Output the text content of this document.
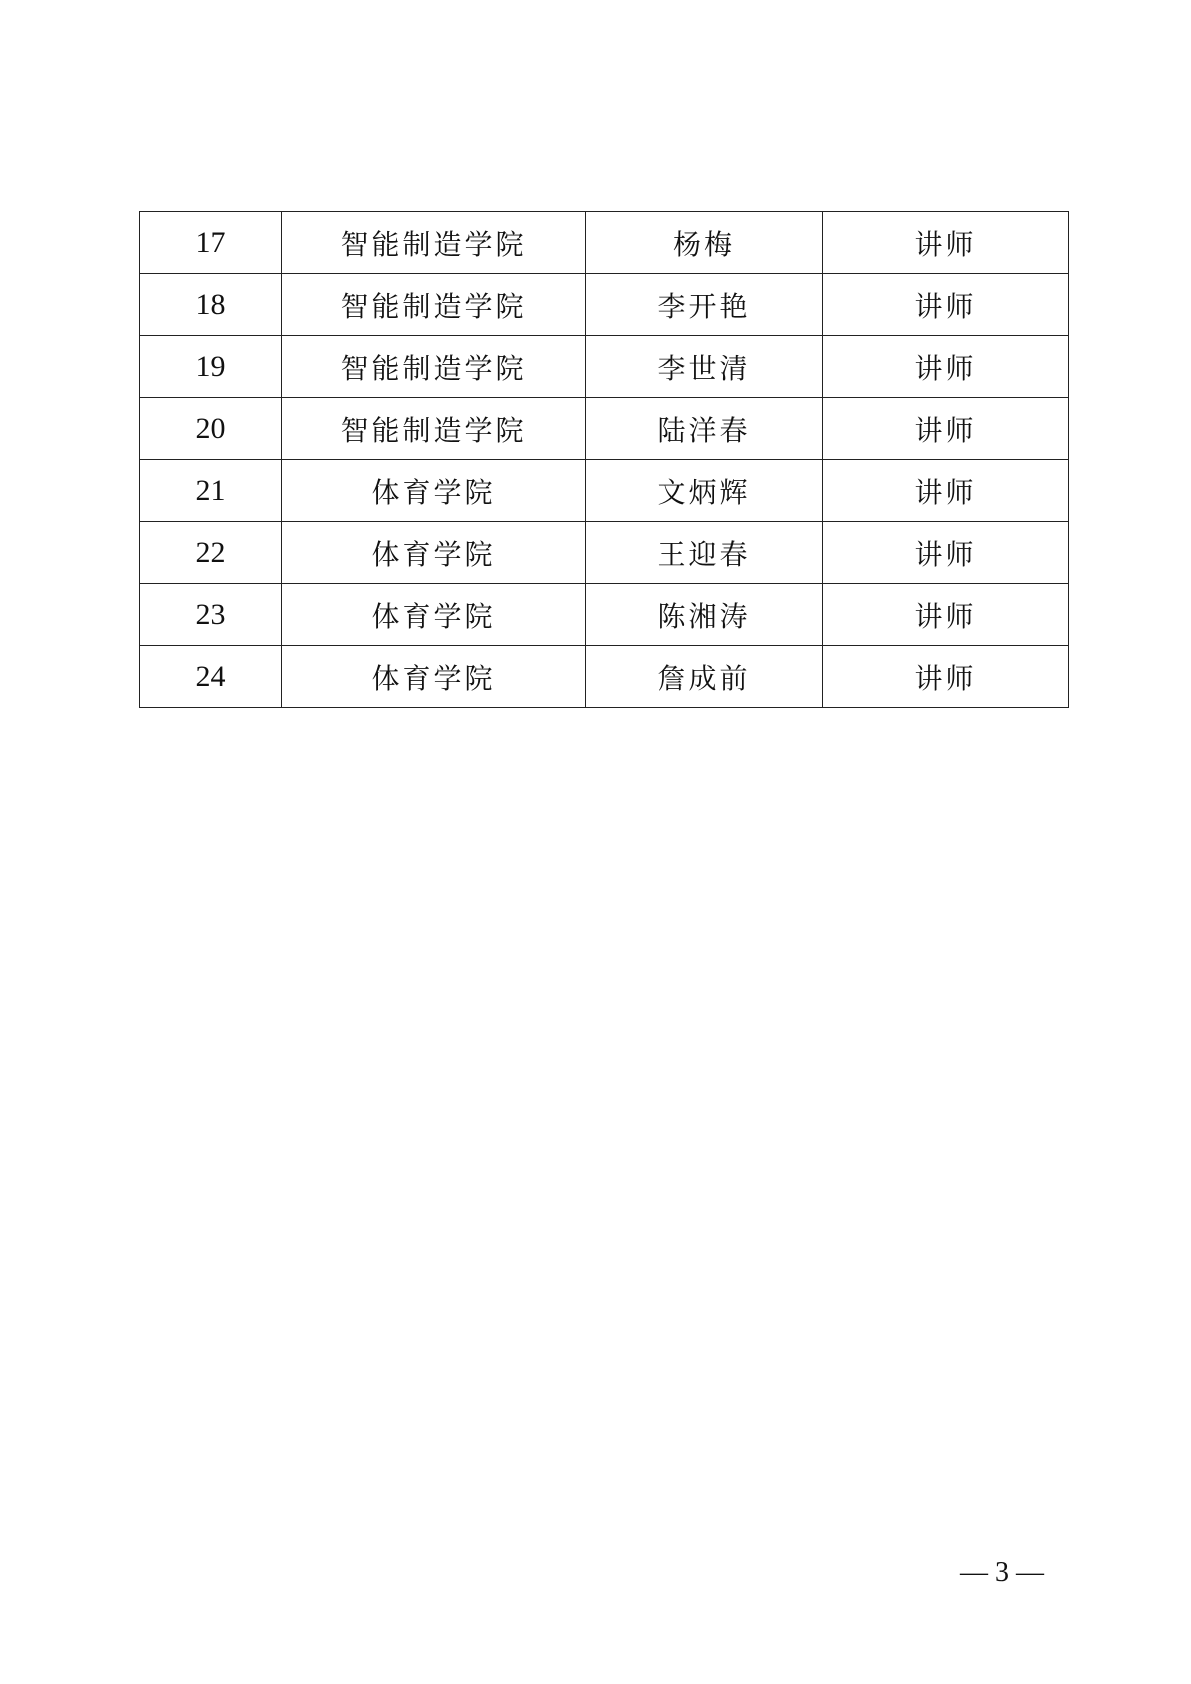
17	智能制造学院	杨梅	讲师
18	智能制造学院	李开艳	讲师
19	智能制造学院	李世清	讲师
20	智能制造学院	陆洋春	讲师
21	体育学院	文炳辉	讲师
22	体育学院	王迎春	讲师
23	体育学院	陈湘涛	讲师
24	体育学院	詹成前	讲师
— 3 —
